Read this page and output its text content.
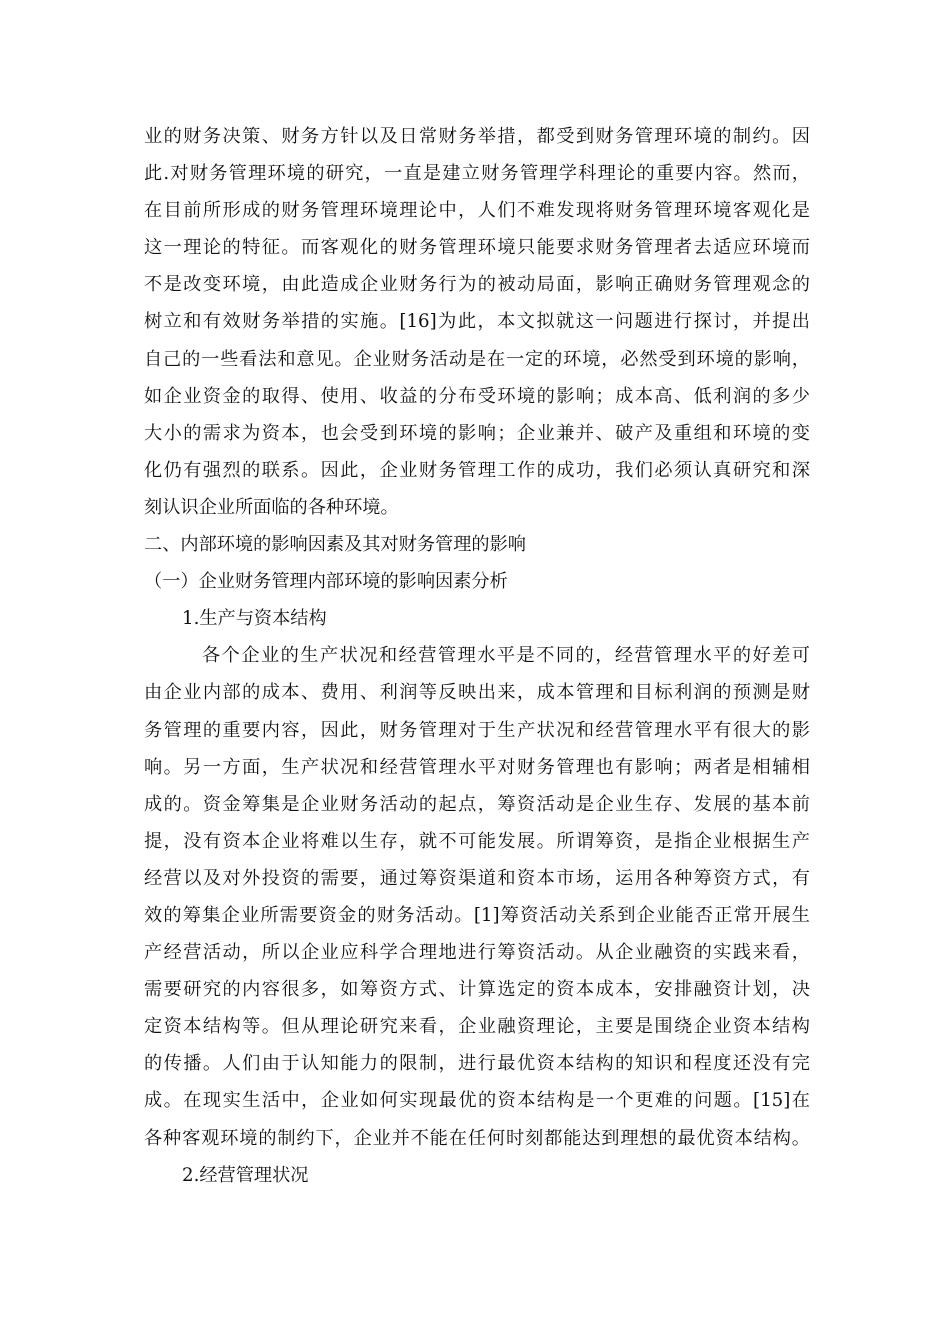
业的财务决策、财务方针以及日常财务举措，都受到财务管理环境的制约。因
此.对财务管理环境的研究，一直是建立财务管理学科理论的重要内容。然而，
在目前所形成的财务管理环境理论中，人们不难发现将财务管理环境客观化是
这一理论的特征。而客观化的财务管理环境只能要求财务管理者去适应环境而
不是改变环境，由此造成企业财务行为的被动局面，影响正确财务管理观念的
树立和有效财务举措的实施。[16]为此，本文拟就这一问题进行探讨，并提出
自己的一些看法和意见。企业财务活动是在一定的环境，必然受到环境的影响，
如企业资金的取得、使用、收益的分布受环境的影响；成本高、低利润的多少
大小的需求为资本，也会受到环境的影响；企业兼并、破产及重组和环境的变
化仍有强烈的联系。因此，企业财务管理工作的成功，我们必须认真研究和深
刻认识企业所面临的各种环境。
二、内部环境的影响因素及其对财务管理的影响
（一）企业财务管理内部环境的影响因素分析
1.生产与资本结构
各个企业的生产状况和经营管理水平是不同的，经营管理水平的好差可
由企业内部的成本、费用、利润等反映出来，成本管理和目标利润的预测是财
务管理的重要内容，因此，财务管理对于生产状况和经营管理水平有很大的影
响。另一方面，生产状况和经营管理水平对财务管理也有影响；两者是相辅相
成的。资金筹集是企业财务活动的起点，筹资活动是企业生存、发展的基本前
提，没有资本企业将难以生存，就不可能发展。所谓筹资，是指企业根据生产
经营以及对外投资的需要，通过筹资渠道和资本市场，运用各种筹资方式，有
效的筹集企业所需要资金的财务活动。[1]筹资活动关系到企业能否正常开展生
产经营活动，所以企业应科学合理地进行筹资活动。从企业融资的实践来看，
需要研究的内容很多，如筹资方式、计算选定的资本成本，安排融资计划，决
定资本结构等。但从理论研究来看，企业融资理论，主要是围绕企业资本结构
的传播。人们由于认知能力的限制，进行最优资本结构的知识和程度还没有完
成。在现实生活中，企业如何实现最优的资本结构是一个更难的问题。[15]在
各种客观环境的制约下，企业并不能在任何时刻都能达到理想的最优资本结构。
2.经营管理状况
